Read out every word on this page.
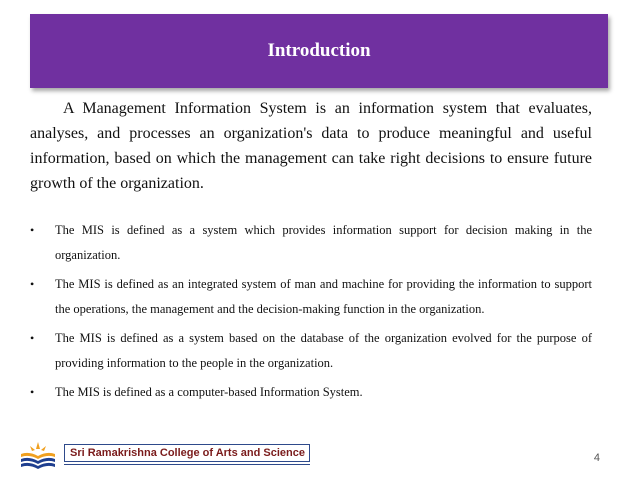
Introduction

A Management Information System is an information system that evaluates, analyses, and processes an organization's data to produce meaningful and useful information, based on which the management can take right decisions to ensure future growth of the organization.

• The MIS is defined as a system which provides information support for decision making in the organization.
• The MIS is defined as an integrated system of man and machine for providing the information to support the operations, the management and the decision-making function in the organization.
• The MIS is defined as a system based on the database of the organization evolved for the purpose of providing information to the people in the organization.
• The MIS is defined as a computer-based Information System.
Sri Ramakrishna College of Arts and Science	4
